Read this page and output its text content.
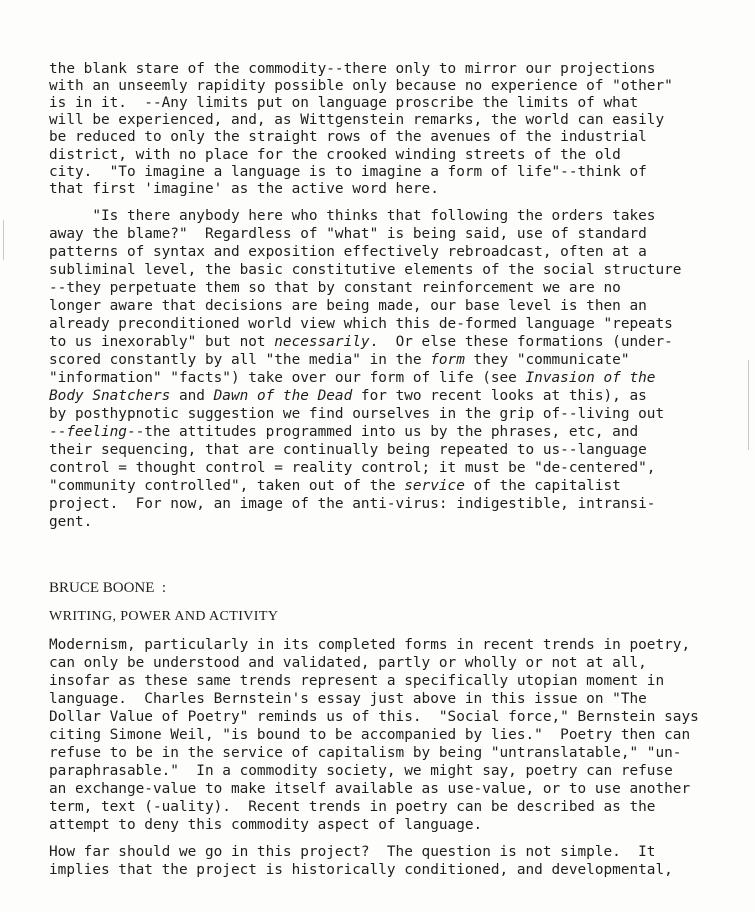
the blank stare of the commodity--there only to mirror our projections
with an unseemly rapidity possible only because no experience of "other"
is in it.  --Any limits put on language proscribe the limits of what
will be experienced, and, as Wittgenstein remarks, the world can easily
be reduced to only the straight rows of the avenues of the industrial
district, with no place for the crooked winding streets of the old
city.  "To imagine a language is to imagine a form of life"--think of
that first 'imagine' as the active word here.
"Is there anybody here who thinks that following the orders takes
away the blame?"  Regardless of "what" is being said, use of standard
patterns of syntax and exposition effectively rebroadcast, often at a
subliminal level, the basic constitutive elements of the social structure
--they perpetuate them so that by constant reinforcement we are no
longer aware that decisions are being made, our base level is then an
already preconditioned world view which this de-formed language "repeats
to us inexorably" but not necessarily.  Or else these formations (under-
scored constantly by all "the media" in the form they "communicate"
"information" "facts") take over our form of life (see Invasion of the
Body Snatchers and Dawn of the Dead for two recent looks at this), as
by posthypnotic suggestion we find ourselves in the grip of--living out
--feeling--the attitudes programmed into us by the phrases, etc, and
their sequencing, that are continually being repeated to us--language
control = thought control = reality control; it must be "de-centered",
"community controlled", taken out of the service of the capitalist
project.  For now, an image of the anti-virus: indigestible, intransi-
gent.
BRUCE BOONE  :
WRITING, POWER AND ACTIVITY
Modernism, particularly in its completed forms in recent trends in poetry,
can only be understood and validated, partly or wholly or not at all,
insofar as these same trends represent a specifically utopian moment in
language.  Charles Bernstein's essay just above in this issue on "The
Dollar Value of Poetry" reminds us of this.  "Social force," Bernstein says
citing Simone Weil, "is bound to be accompanied by lies."  Poetry then can
refuse to be in the service of capitalism by being "untranslatable," "un-
paraphrasable."  In a commodity society, we might say, poetry can refuse
an exchange-value to make itself available as use-value, or to use another
term, text (-uality).  Recent trends in poetry can be described as the
attempt to deny this commodity aspect of language.
How far should we go in this project?  The question is not simple.  It
implies that the project is historically conditioned, and developmental,
